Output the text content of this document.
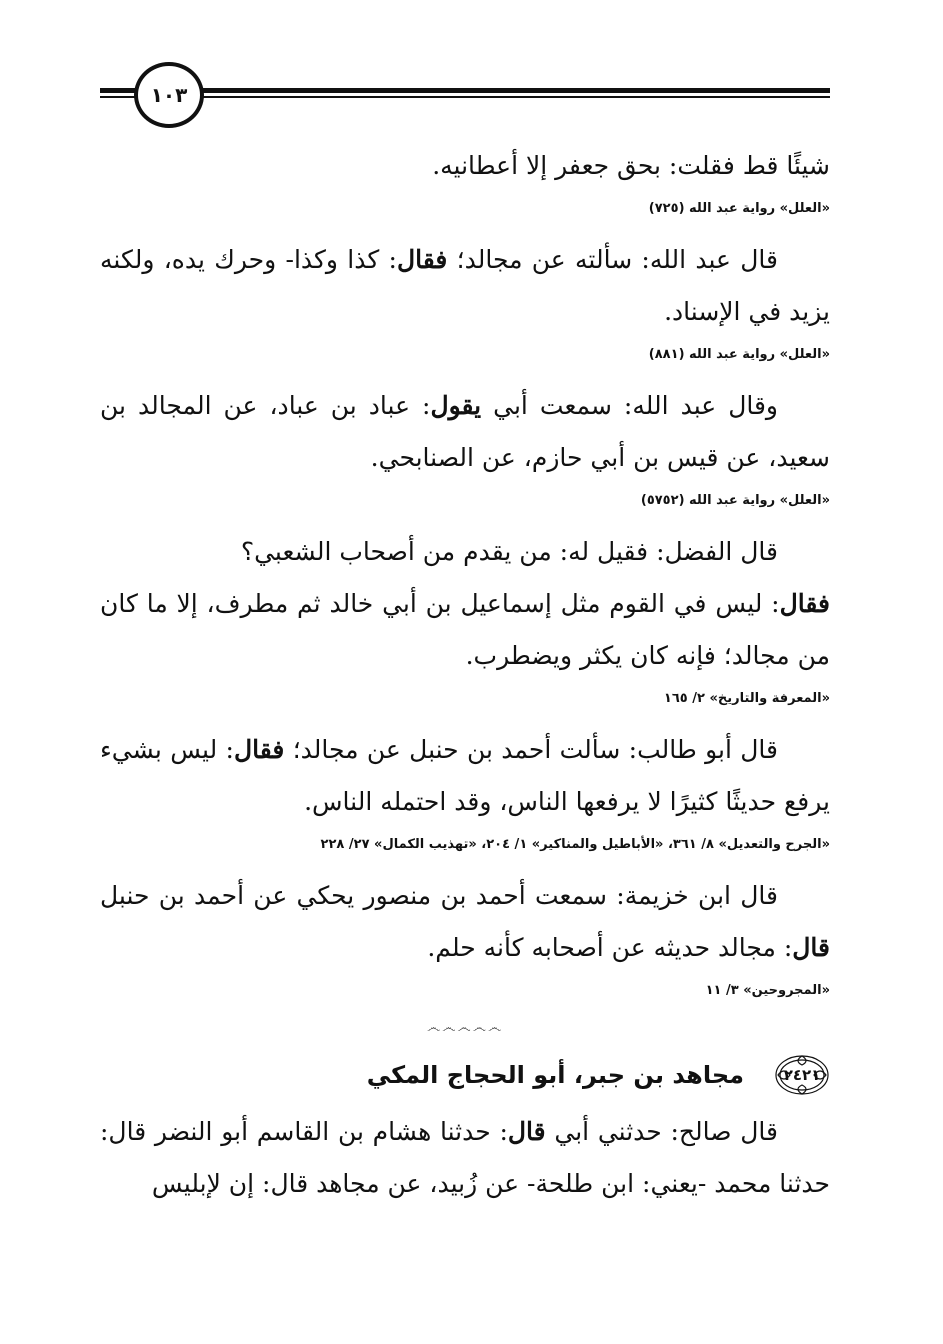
١٠٣

شيئًا قط فقلت: بحق جعفر إلا أعطانيه.

«العلل» رواية عبد الله (٧٢٥)

قال عبد الله: سألته عن مجالد؛ فقال: كذا وكذا- وحرك يده، ولكنه يزيد في الإسناد.

«العلل» رواية عبد الله (٨٨١)

وقال عبد الله: سمعت أبي يقول: عباد بن عباد، عن المجالد بن سعيد، عن قيس بن أبي حازم، عن الصنابحي.

«العلل» رواية عبد الله (٥٧٥٢)

قال الفضل: فقيل له: من يقدم من أصحاب الشعبي؟

فقال: ليس في القوم مثل إسماعيل بن أبي خالد ثم مطرف، إلا ما كان من مجالد؛ فإنه كان يكثر ويضطرب.

«المعرفة والتاريخ» ٢/ ١٦٥

قال أبو طالب: سألت أحمد بن حنبل عن مجالد؛ فقال: ليس بشيء يرفع حديثًا كثيرًا لا يرفعها الناس، وقد احتمله الناس.

«الجرح والتعديل» ٨/ ٣٦١، «الأباطيل والمناكير» ١/ ٢٠٤، «تهذيب الكمال» ٢٧/ ٢٢٨

قال ابن خزيمة: سمعت أحمد بن منصور يحكي عن أحمد بن حنبل قال: مجالد حديثه عن أصحابه كأنه حلم.

«المجروحين» ٣/ ١١
෴෴෴෴෴
٢٤٢١
مجاهد بن جبر، أبو الحجاج المكي

قال صالح: حدثني أبي قال: حدثنا هشام بن القاسم أبو النضر قال: حدثنا محمد -يعني: ابن طلحة- عن زُبيد، عن مجاهد قال: إن لإبليس
